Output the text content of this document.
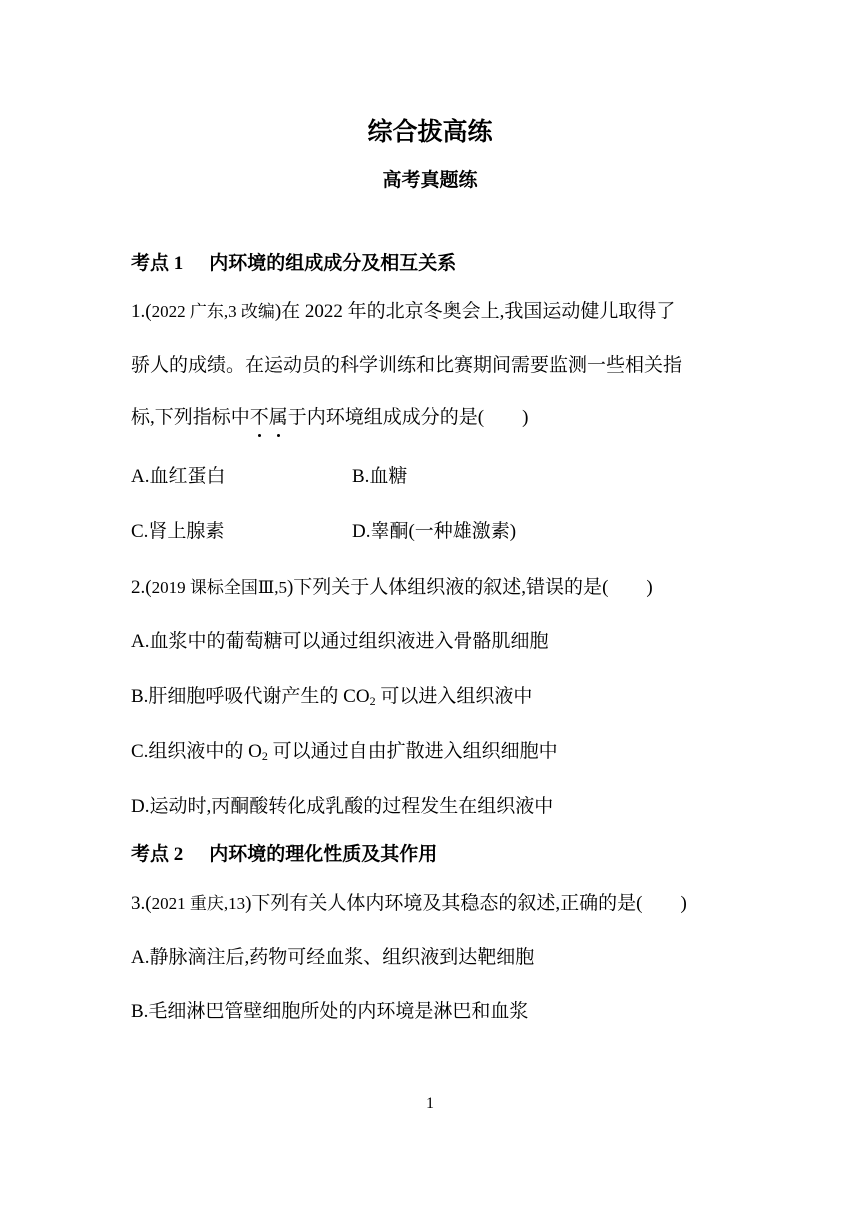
综合拔高练
高考真题练
考点 1 内环境的组成成分及相互关系
1.(2022 广东,3 改编)在 2022 年的北京冬奥会上,我国运动健儿取得了
骄人的成绩。在运动员的科学训练和比赛期间需要监测一些相关指
标,下列指标中不属于内环境组成成分的是( )
A.血红蛋白	B.血糖
C.肾上腺素	D.睾酮(一种雄激素)
2.(2019 课标全国Ⅲ,5)下列关于人体组织液的叙述,错误的是( )
A.血浆中的葡萄糖可以通过组织液进入骨骼肌细胞
B.肝细胞呼吸代谢产生的 $CO_2$ 可以进入组织液中
C.组织液中的 $O_2$ 可以通过自由扩散进入组织细胞中
D.运动时,丙酮酸转化成乳酸的过程发生在组织液中
考点 2 内环境的理化性质及其作用
3.(2021 重庆,13)下列有关人体内环境及其稳态的叙述,正确的是( )
A.静脉滴注后,药物可经血浆、组织液到达靶细胞
B.毛细淋巴管壁细胞所处的内环境是淋巴和血浆
1
